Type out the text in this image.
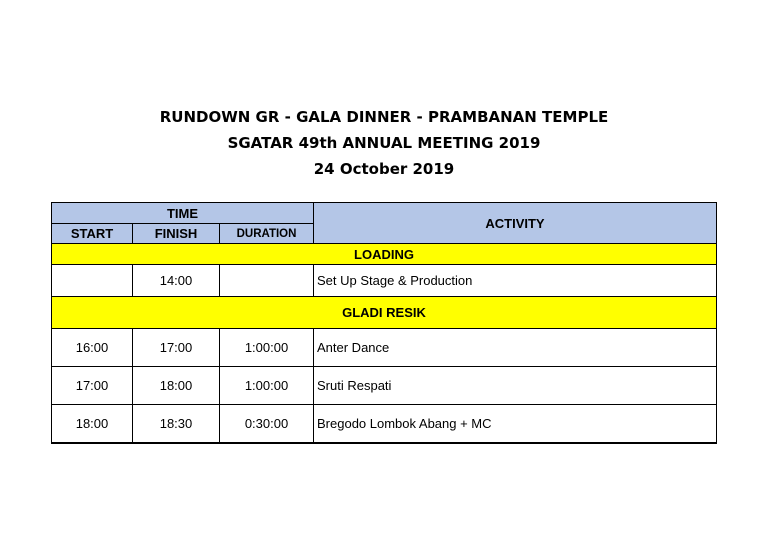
RUNDOWN GR - GALA DINNER - PRAMBANAN TEMPLE
SGATAR 49th ANNUAL MEETING 2019
24 October 2019
TIME			ACTIVITY
START	FINISH	DURATION	
LOADING			
	14:00		Set Up Stage & Production
GLADI RESIK			
16:00	17:00	1:00:00	Anter Dance
17:00	18:00	1:00:00	Sruti Respati
18:00	18:30	0:30:00	Bregodo Lombok Abang + MC
